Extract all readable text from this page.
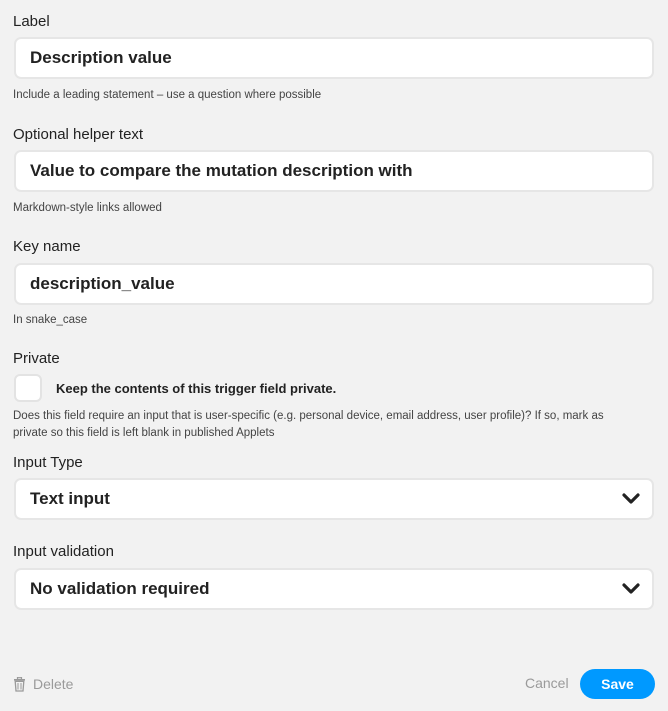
Label
Description value
Include a leading statement – use a question where possible
Optional helper text
Value to compare the mutation description with
Markdown-style links allowed
Key name
description_value
In snake_case
Private
Keep the contents of this trigger field private.
Does this field require an input that is user-specific (e.g. personal device, email address, user profile)? If so, mark as
private so this field is left blank in published Applets
Input Type
Text input
Input validation
No validation required
Delete	Cancel	Save
